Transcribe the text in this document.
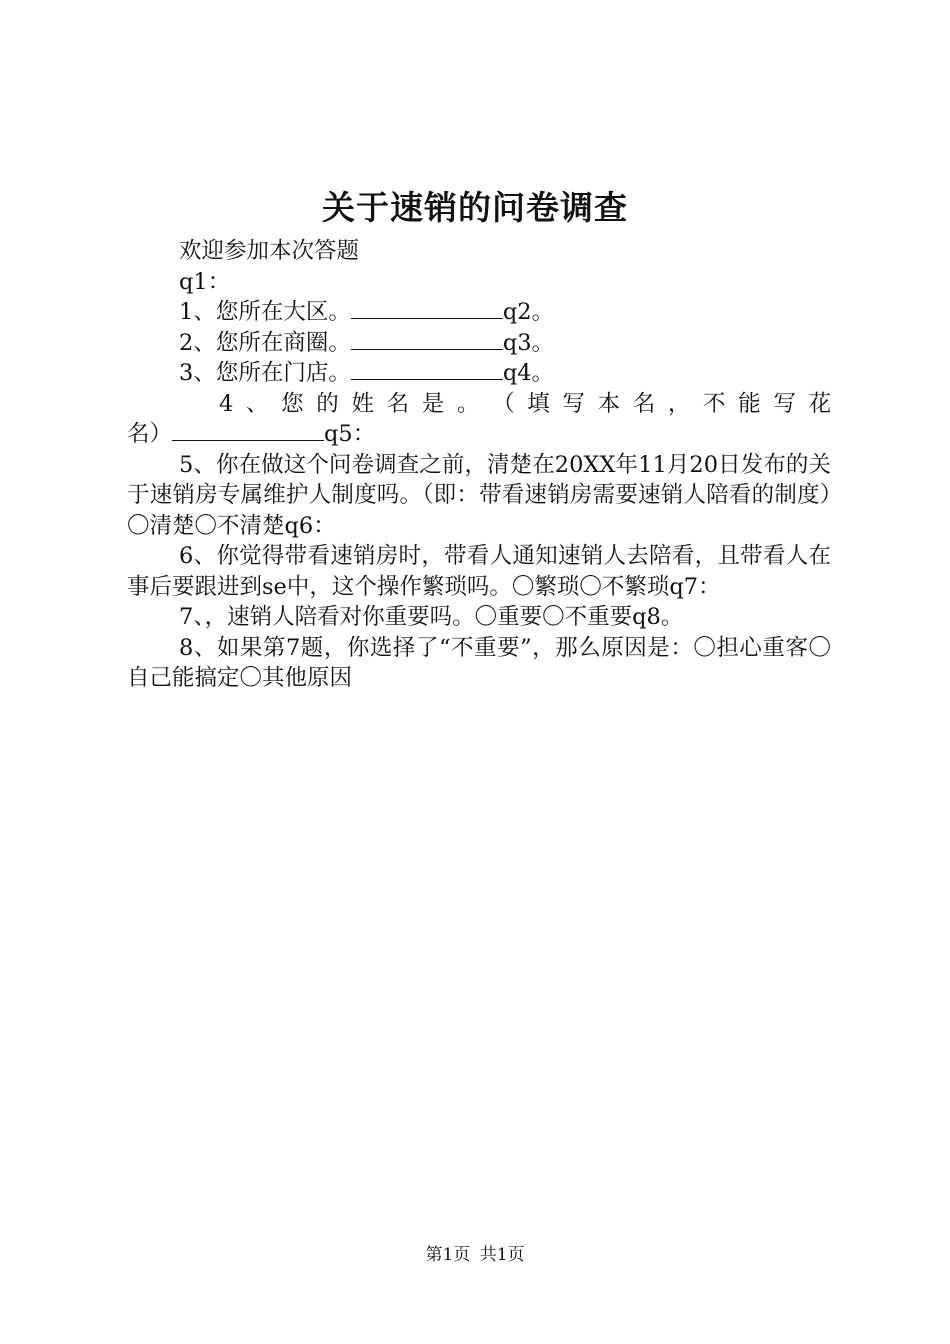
关于速销的问卷调查
欢迎参加本次答题
q1：
1、您所在大区。	q2。
2、您所在商圈。	q3。
3、您所在门店。	q4。
4 、 您 的 姓 名 是 。 （ 填 写 本 名 ， 不 能 写 花
名）	q5：

5、你在做这个问卷调查之前，清楚在20XX年11月20日发布的关于速销房专属维护人制度吗。（即：带看速销房需要速销人陪看的制度）〇清楚〇不清楚q6：

6、你觉得带看速销房时，带看人通知速销人去陪看，且带看人在事后要跟进到se中，这个操作繁琐吗。〇繁琐〇不繁琐q7：

7、，速销人陪看对你重要吗。〇重要〇不重要q8。

8、如果第7题，你选择了“不重要”，那么原因是：〇担心重客〇自己能搞定〇其他原因

第1页 共1页
